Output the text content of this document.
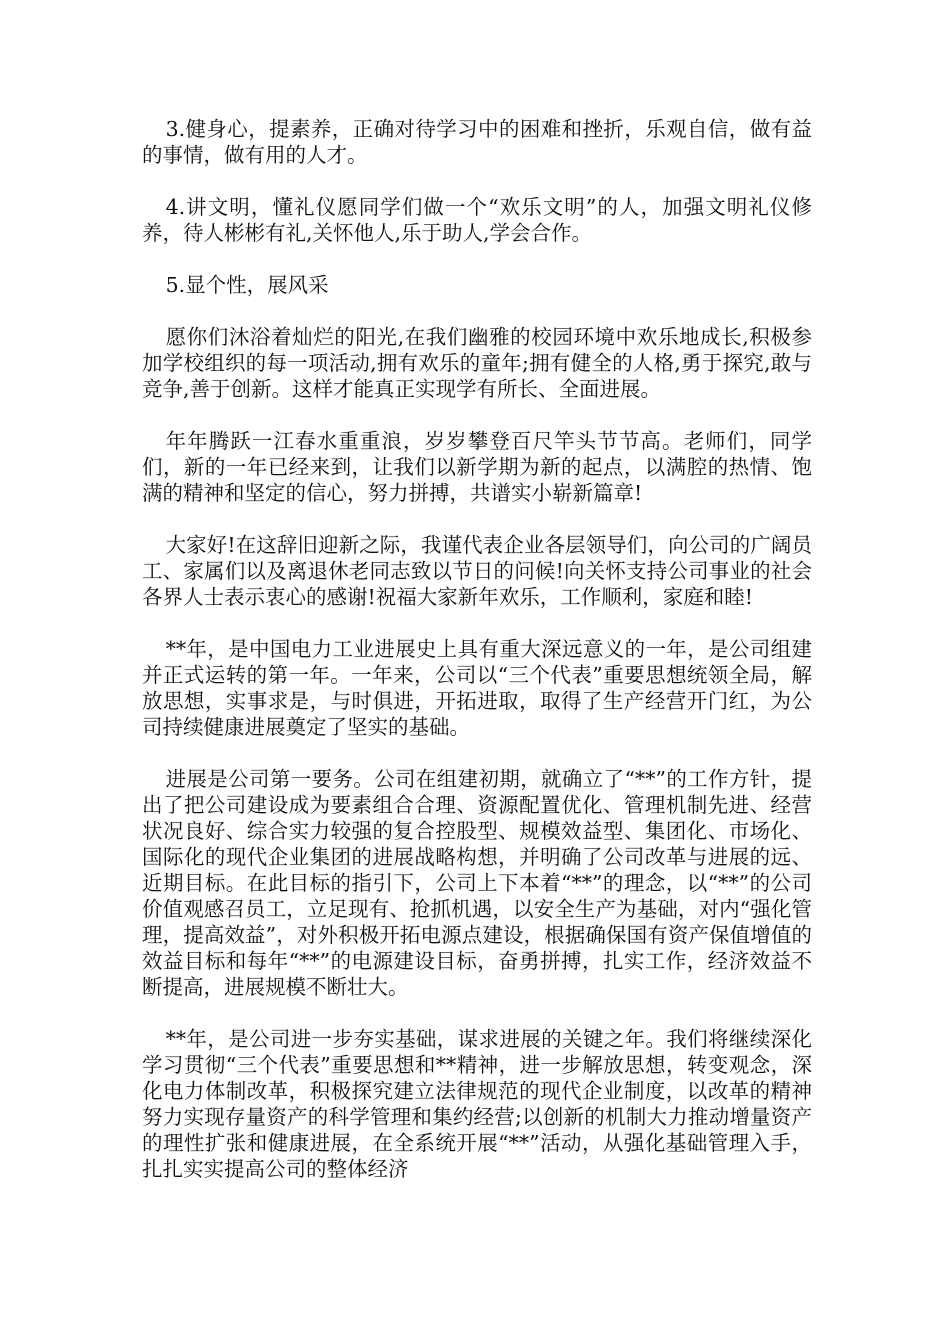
3.健身心，提素养，正确对待学习中的困难和挫折，乐观自信，做有益的事情，做有用的人才。

4.讲文明，懂礼仪愿同学们做一个“欢乐文明”的人，加强文明礼仪修养，待人彬彬有礼,关怀他人,乐于助人,学会合作。

5.显个性，展风采

愿你们沐浴着灿烂的阳光,在我们幽雅的校园环境中欢乐地成长,积极参加学校组织的每一项活动,拥有欢乐的童年;拥有健全的人格,勇于探究,敢与竞争,善于创新。这样才能真正实现学有所长、全面进展。

年年腾跃一江春水重重浪，岁岁攀登百尺竿头节节高。老师们，同学们，新的一年已经来到，让我们以新学期为新的起点，以满腔的热情、饱满的精神和坚定的信心，努力拼搏，共谱实小崭新篇章!

大家好!在这辞旧迎新之际，我谨代表企业各层领导们，向公司的广阔员工、家属们以及离退休老同志致以节日的问候!向关怀支持公司事业的社会各界人士表示衷心的感谢!祝福大家新年欢乐，工作顺利，家庭和睦!

**年，是中国电力工业进展史上具有重大深远意义的一年，是公司组建并正式运转的第一年。一年来，公司以“三个代表”重要思想统领全局，解放思想，实事求是，与时俱进，开拓进取，取得了生产经营开门红，为公司持续健康进展奠定了坚实的基础。

进展是公司第一要务。公司在组建初期，就确立了“**”的工作方针，提出了把公司建设成为要素组合合理、资源配置优化、管理机制先进、经营状况良好、综合实力较强的复合控股型、规模效益型、集团化、市场化、国际化的现代企业集团的进展战略构想，并明确了公司改革与进展的远、近期目标。在此目标的指引下，公司上下本着“**”的理念，以“**”的公司价值观感召员工，立足现有、抢抓机遇，以安全生产为基础，对内“强化管理，提高效益”，对外积极开拓电源点建设，根据确保国有资产保值增值的效益目标和每年“**”的电源建设目标，奋勇拼搏，扎实工作，经济效益不断提高，进展规模不断壮大。

**年，是公司进一步夯实基础，谋求进展的关键之年。我们将继续深化学习贯彻“三个代表”重要思想和**精神，进一步解放思想，转变观念，深化电力体制改革，积极探究建立法律规范的现代企业制度，以改革的精神努力实现存量资产的科学管理和集约经营;以创新的机制大力推动增量资产的理性扩张和健康进展，在全系统开展“**”活动，从强化基础管理入手，扎扎实实提高公司的整体经济
